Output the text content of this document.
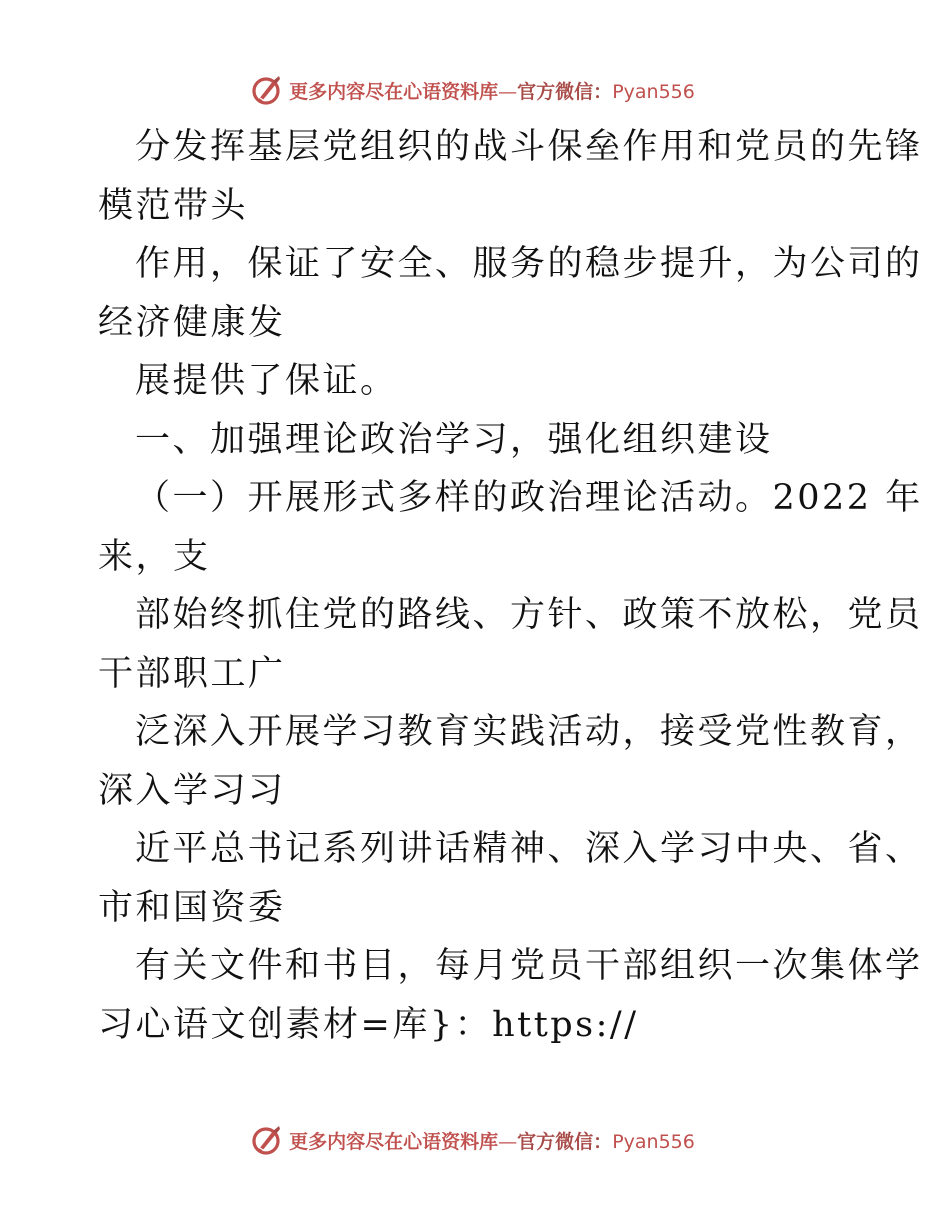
更多内容尽在心语资料库—官方微信：Pyan556
分发挥基层党组织的战斗保垒作用和党员的先锋
模范带头
作用，保证了安全、服务的稳步提升，为公司的
经济健康发
展提供了保证。
一、加强理论政治学习，强化组织建设
（一）开展形式多样的政治理论活动。2022 年
来，支
部始终抓住党的路线、方针、政策不放松，党员
干部职工广
泛深入开展学习教育实践活动，接受党性教育，
深入学习习
近平总书记系列讲话精神、深入学习中央、省、
市和国资委
有关文件和书目，每月党员干部组织一次集体学
习心语文创素材=库}：https://
更多内容尽在心语资料库—官方微信：Pyan556
